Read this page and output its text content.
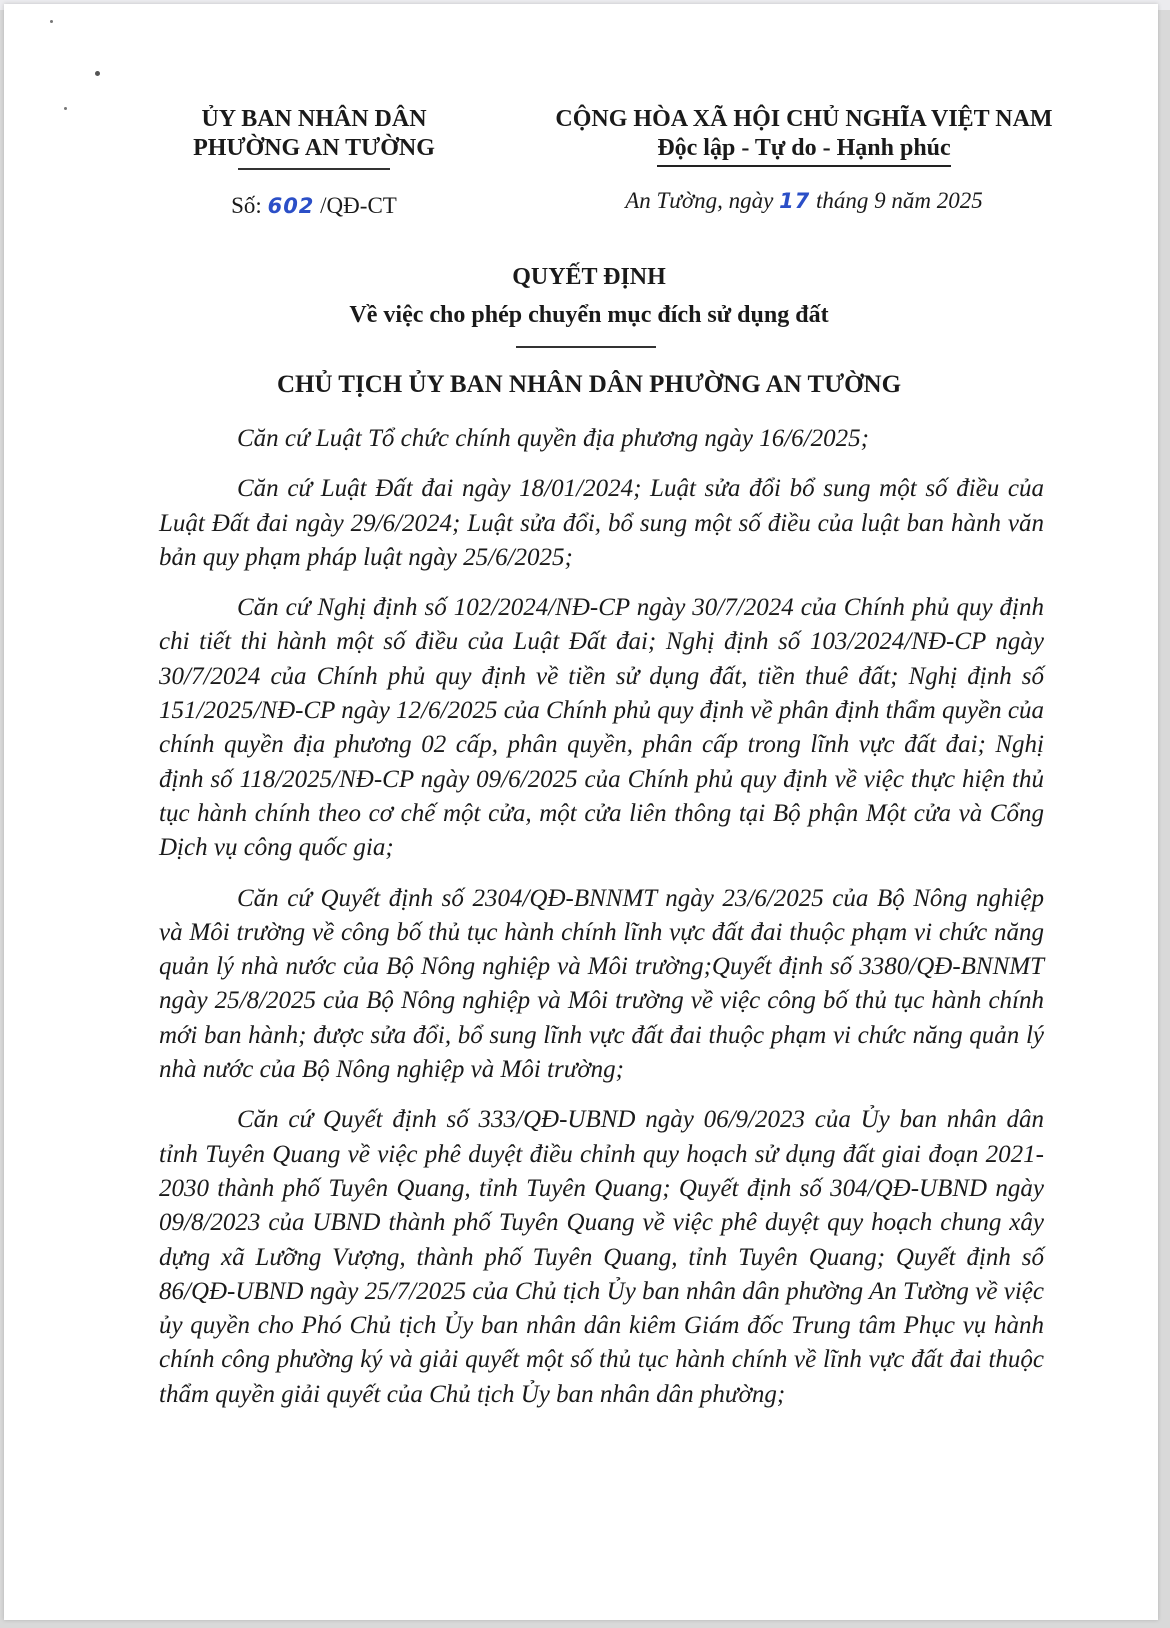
ỦY BAN NHÂN DÂN
PHƯỜNG AN TƯỜNG
Số: 602 /QĐ-CT
CỘNG HÒA XÃ HỘI CHỦ NGHĨA VIỆT NAM
Độc lập - Tự do - Hạnh phúc
An Tường, ngày 17 tháng 9 năm 2025
QUYẾT ĐỊNH
Về việc cho phép chuyển mục đích sử dụng đất
CHỦ TỊCH ỦY BAN NHÂN DÂN PHƯỜNG AN TƯỜNG

Căn cứ Luật Tổ chức chính quyền địa phương ngày 16/6/2025;

Căn cứ Luật Đất đai ngày 18/01/2024; Luật sửa đổi bổ sung một số điều của Luật Đất đai ngày 29/6/2024; Luật sửa đổi, bổ sung một số điều của luật ban hành văn bản quy phạm pháp luật ngày 25/6/2025;

Căn cứ Nghị định số 102/2024/NĐ-CP ngày 30/7/2024 của Chính phủ quy định chi tiết thi hành một số điều của Luật Đất đai; Nghị định số 103/2024/NĐ-CP ngày 30/7/2024 của Chính phủ quy định về tiền sử dụng đất, tiền thuê đất; Nghị định số 151/2025/NĐ-CP ngày 12/6/2025 của Chính phủ quy định về phân định thẩm quyền của chính quyền địa phương 02 cấp, phân quyền, phân cấp trong lĩnh vực đất đai; Nghị định số 118/2025/NĐ-CP ngày 09/6/2025 của Chính phủ quy định về việc thực hiện thủ tục hành chính theo cơ chế một cửa, một cửa liên thông tại Bộ phận Một cửa và Cổng Dịch vụ công quốc gia;

Căn cứ Quyết định số 2304/QĐ-BNNMT ngày 23/6/2025 của Bộ Nông nghiệp và Môi trường về công bố thủ tục hành chính lĩnh vực đất đai thuộc phạm vi chức năng quản lý nhà nước của Bộ Nông nghiệp và Môi trường;Quyết định số 3380/QĐ-BNNMT ngày 25/8/2025 của Bộ Nông nghiệp và Môi trường về việc công bố thủ tục hành chính mới ban hành; được sửa đổi, bổ sung lĩnh vực đất đai thuộc phạm vi chức năng quản lý nhà nước của Bộ Nông nghiệp và Môi trường;

Căn cứ Quyết định số 333/QĐ-UBND ngày 06/9/2023 của Ủy ban nhân dân tỉnh Tuyên Quang về việc phê duyệt điều chỉnh quy hoạch sử dụng đất giai đoạn 2021-2030 thành phố Tuyên Quang, tỉnh Tuyên Quang; Quyết định số 304/QĐ-UBND ngày 09/8/2023 của UBND thành phố Tuyên Quang về việc phê duyệt quy hoạch chung xây dựng xã Lưỡng Vượng, thành phố Tuyên Quang, tỉnh Tuyên Quang; Quyết định số 86/QĐ-UBND ngày 25/7/2025 của Chủ tịch Ủy ban nhân dân phường An Tường về việc ủy quyền cho Phó Chủ tịch Ủy ban nhân dân kiêm Giám đốc Trung tâm Phục vụ hành chính công phường ký và giải quyết một số thủ tục hành chính về lĩnh vực đất đai thuộc thẩm quyền giải quyết của Chủ tịch Ủy ban nhân dân phường;
